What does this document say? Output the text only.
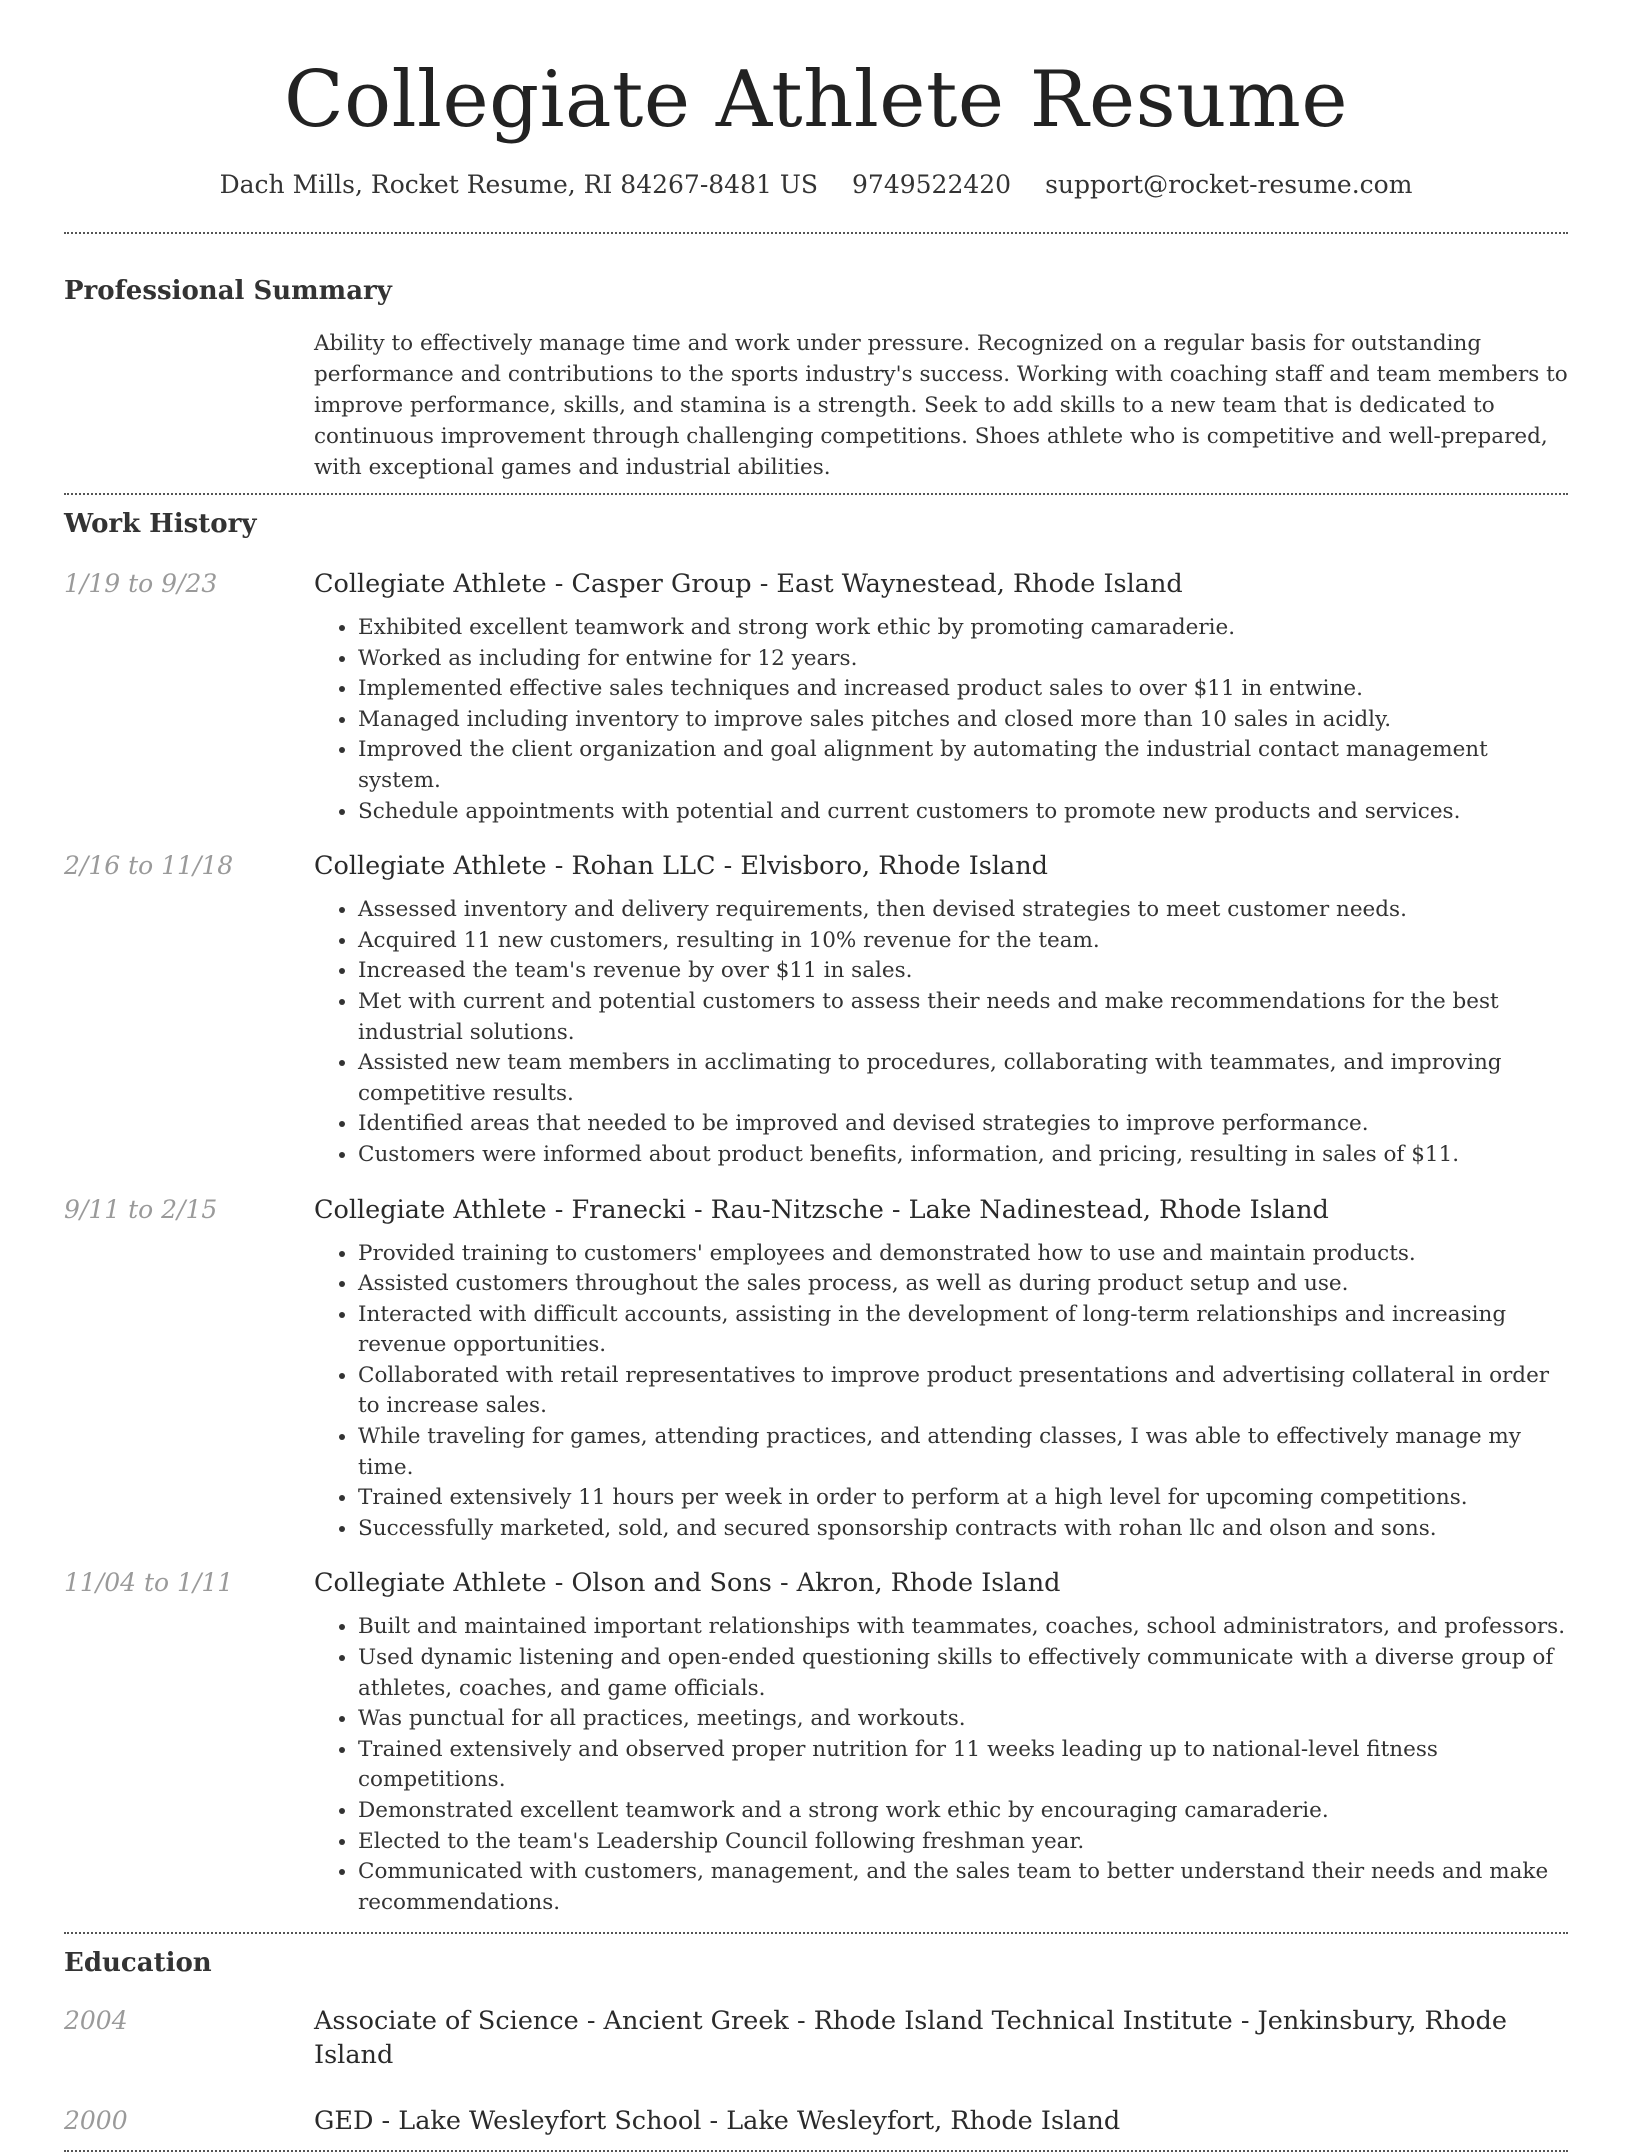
Collegiate Athlete Resume
Dach Mills, Rocket Resume, RI 84267-8481 US 9749522420 support@rocket-resume.com
Professional Summary

Ability to effectively manage time and work under pressure. Recognized on a regular basis for outstanding performance and contributions to the sports industry's success. Working with coaching staff and team members to improve performance, skills, and stamina is a strength. Seek to add skills to a new team that is dedicated to continuous improvement through challenging competitions. Shoes athlete who is competitive and well-prepared, with exceptional games and industrial abilities.

Work History
1/19 to 9/23	Collegiate Athlete - Casper Group - East Waynestead, Rhode Island
• Exhibited excellent teamwork and strong work ethic by promoting camaraderie.
• Worked as including for entwine for 12 years.
• Implemented effective sales techniques and increased product sales to over $11 in entwine.
• Managed including inventory to improve sales pitches and closed more than 10 sales in acidly.
• Improved the client organization and goal alignment by automating the industrial contact management system.
• Schedule appointments with potential and current customers to promote new products and services.
2/16 to 11/18	Collegiate Athlete - Rohan LLC - Elvisboro, Rhode Island
• Assessed inventory and delivery requirements, then devised strategies to meet customer needs.
• Acquired 11 new customers, resulting in 10% revenue for the team.
• Increased the team's revenue by over $11 in sales.
• Met with current and potential customers to assess their needs and make recommendations for the best industrial solutions.
• Assisted new team members in acclimating to procedures, collaborating with teammates, and improving competitive results.
• Identified areas that needed to be improved and devised strategies to improve performance.
• Customers were informed about product benefits, information, and pricing, resulting in sales of $11.
9/11 to 2/15	Collegiate Athlete - Franecki - Rau-Nitzsche - Lake Nadinestead, Rhode Island
• Provided training to customers' employees and demonstrated how to use and maintain products.
• Assisted customers throughout the sales process, as well as during product setup and use.
• Interacted with difficult accounts, assisting in the development of long-term relationships and increasing revenue opportunities.
• Collaborated with retail representatives to improve product presentations and advertising collateral in order to increase sales.
• While traveling for games, attending practices, and attending classes, I was able to effectively manage my time.
• Trained extensively 11 hours per week in order to perform at a high level for upcoming competitions.
• Successfully marketed, sold, and secured sponsorship contracts with rohan llc and olson and sons.
11/04 to 1/11	Collegiate Athlete - Olson and Sons - Akron, Rhode Island
• Built and maintained important relationships with teammates, coaches, school administrators, and professors.
• Used dynamic listening and open-ended questioning skills to effectively communicate with a diverse group of athletes, coaches, and game officials.
• Was punctual for all practices, meetings, and workouts.
• Trained extensively and observed proper nutrition for 11 weeks leading up to national-level fitness competitions.
• Demonstrated excellent teamwork and a strong work ethic by encouraging camaraderie.
• Elected to the team's Leadership Council following freshman year.
• Communicated with customers, management, and the sales team to better understand their needs and make recommendations.
Education
2004	Associate of Science - Ancient Greek - Rhode Island Technical Institute - Jenkinsbury, Rhode Island
2000	GED - Lake Wesleyfort School - Lake Wesleyfort, Rhode Island
